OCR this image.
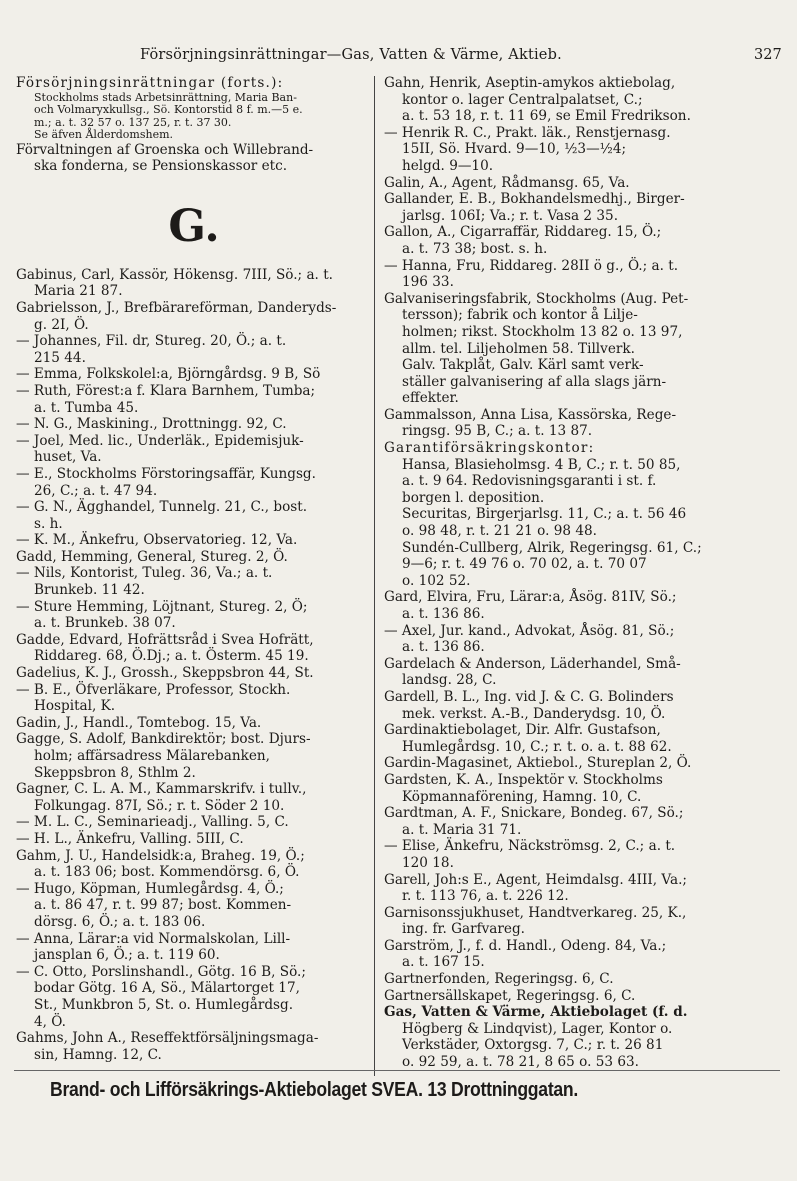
Försörjningsinrättningar—Gas, Vatten & Värme, Aktieb.	327
Försörjningsinrättningar (forts.):
Stockholms stads Arbetsinrättning, Maria Ban-
och Volmaryxkullsg., Sö. Kontorstid 8 f. m.—5 e.
m.; a. t. 32 57 o. 137 25, r. t. 37 30.
Se äfven Ålderdomshem.
Förvaltningen af Groenska och Willebrand-
ska fonderna, se Pensionskassor etc.
G.
Gabinus, Carl, Kassör, Hökensg. 7III, Sö.; a. t.
Maria 21 87.
Gabrielsson, J., Brefbärareförman, Danderyds-
g. 2I, Ö.
— Johannes, Fil. dr, Stureg. 20, Ö.; a. t.
215 44.
— Emma, Folkskolel:a, Björngårdsg. 9 B, Sö
— Ruth, Förest:a f. Klara Barnhem, Tumba;
a. t. Tumba 45.
— N. G., Maskining., Drottningg. 92, C.
— Joel, Med. lic., Underläk., Epidemisjuk-
huset, Va.
— E., Stockholms Förstoringsaffär, Kungsg.
26, C.; a. t. 47 94.
— G. N., Ägghandel, Tunnelg. 21, C., bost.
s. h.
— K. M., Änkefru, Observatorieg. 12, Va.
Gadd, Hemming, General, Stureg. 2, Ö.
— Nils, Kontorist, Tuleg. 36, Va.; a. t.
Brunkeb. 11 42.
— Sture Hemming, Löjtnant, Stureg. 2, Ö;
a. t. Brunkeb. 38 07.
Gadde, Edvard, Hofrättsråd i Svea Hofrätt,
Riddareg. 68, Ö.Dj.; a. t. Österm. 45 19.
Gadelius, K. J., Grossh., Skeppsbron 44, St.
— B. E., Öfverläkare, Professor, Stockh.
Hospital, K.
Gadin, J., Handl., Tomtebog. 15, Va.
Gagge, S. Adolf, Bankdirektör; bost. Djurs-
holm; affärsadress Mälarebanken,
Skeppsbron 8, Sthlm 2.
Gagner, C. L. A. M., Kammarskrifv. i tullv.,
Folkungag. 87I, Sö.; r. t. Söder 2 10.
— M. L. C., Seminarieadj., Valling. 5, C.
— H. L., Änkefru, Valling. 5III, C.
Gahm, J. U., Handelsidk:a, Braheg. 19, Ö.;
a. t. 183 06; bost. Kommendörsg. 6, Ö.
— Hugo, Köpman, Humlegårdsg. 4, Ö.;
a. t. 86 47, r. t. 99 87; bost. Kommen-
dörsg. 6, Ö.; a. t. 183 06.
— Anna, Lärar:a vid Normalskolan, Lill-
jansplan 6, Ö.; a. t. 119 60.
— C. Otto, Porslinshandl., Götg. 16 B, Sö.;
bodar Götg. 16 A, Sö., Mälartorget 17,
St., Munkbron 5, St. o. Humlegårdsg.
4, Ö.
Gahms, John A., Reseffektförsäljningsmaga-
sin, Hamng. 12, C.
Gahn, Henrik, Aseptin-amykos aktiebolag,
kontor o. lager Centralpalatset, C.;
a. t. 53 18, r. t. 11 69, se Emil Fredrikson.
— Henrik R. C., Prakt. läk., Renstjernasg.
15II, Sö. Hvard. 9—10, ½3—½4;
helgd. 9—10.
Galin, A., Agent, Rådmansg. 65, Va.
Gallander, E. B., Bokhandelsmedhj., Birger-
jarlsg. 106I; Va.; r. t. Vasa 2 35.
Gallon, A., Cigarraffär, Riddareg. 15, Ö.;
a. t. 73 38; bost. s. h.
— Hanna, Fru, Riddareg. 28II ö g., Ö.; a. t.
196 33.
Galvaniseringsfabrik, Stockholms (Aug. Pet-
tersson); fabrik och kontor å Lilje-
holmen; rikst. Stockholm 13 82 o. 13 97,
allm. tel. Liljeholmen 58. Tillverk.
Galv. Takplåt, Galv. Kärl samt verk-
ställer galvanisering af alla slags järn-
effekter.
Gammalsson, Anna Lisa, Kassörska, Rege-
ringsg. 95 B, C.; a. t. 13 87.
Garantiförsäkringskontor:
Hansa, Blasieholmsg. 4 B, C.; r. t. 50 85,
a. t. 9 64. Redovisningsgaranti i st. f.
borgen l. deposition.
Securitas, Birgerjarlsg. 11, C.; a. t. 56 46
o. 98 48, r. t. 21 21 o. 98 48.
Sundén-Cullberg, Alrik, Regeringsg. 61, C.;
9—6; r. t. 49 76 o. 70 02, a. t. 70 07
o. 102 52.
Gard, Elvira, Fru, Lärar:a, Åsög. 81IV, Sö.;
a. t. 136 86.
— Axel, Jur. kand., Advokat, Åsög. 81, Sö.;
a. t. 136 86.
Gardelach & Anderson, Läderhandel, Små-
landsg. 28, C.
Gardell, B. L., Ing. vid J. & C. G. Bolinders
mek. verkst. A.-B., Danderydsg. 10, Ö.
Gardinaktiebolaget, Dir. Alfr. Gustafson,
Humlegårdsg. 10, C.; r. t. o. a. t. 88 62.
Gardin-Magasinet, Aktiebol., Stureplan 2, Ö.
Gardsten, K. A., Inspektör v. Stockholms
Köpmannaförening, Hamng. 10, C.
Gardtman, A. F., Snickare, Bondeg. 67, Sö.;
a. t. Maria 31 71.
— Elise, Änkefru, Näckströmsg. 2, C.; a. t.
120 18.
Garell, Joh:s E., Agent, Heimdalsg. 4III, Va.;
r. t. 113 76, a. t. 226 12.
Garnisonssjukhuset, Handtverkareg. 25, K.,
ing. fr. Garfvareg.
Garström, J., f. d. Handl., Odeng. 84, Va.;
a. t. 167 15.
Gartnerfonden, Regeringsg. 6, C.
Gartnersällskapet, Regeringsg. 6, C.
Gas, Vatten & Värme, Aktiebolaget (f. d.
Högberg & Lindqvist), Lager, Kontor o.
Verkstäder, Oxtorgsg. 7, C.; r. t. 26 81
o. 92 59, a. t. 78 21, 8 65 o. 53 63.
Brand- och Lifförsäkrings-Aktiebolaget SVEA. 13 Drottninggatan.
